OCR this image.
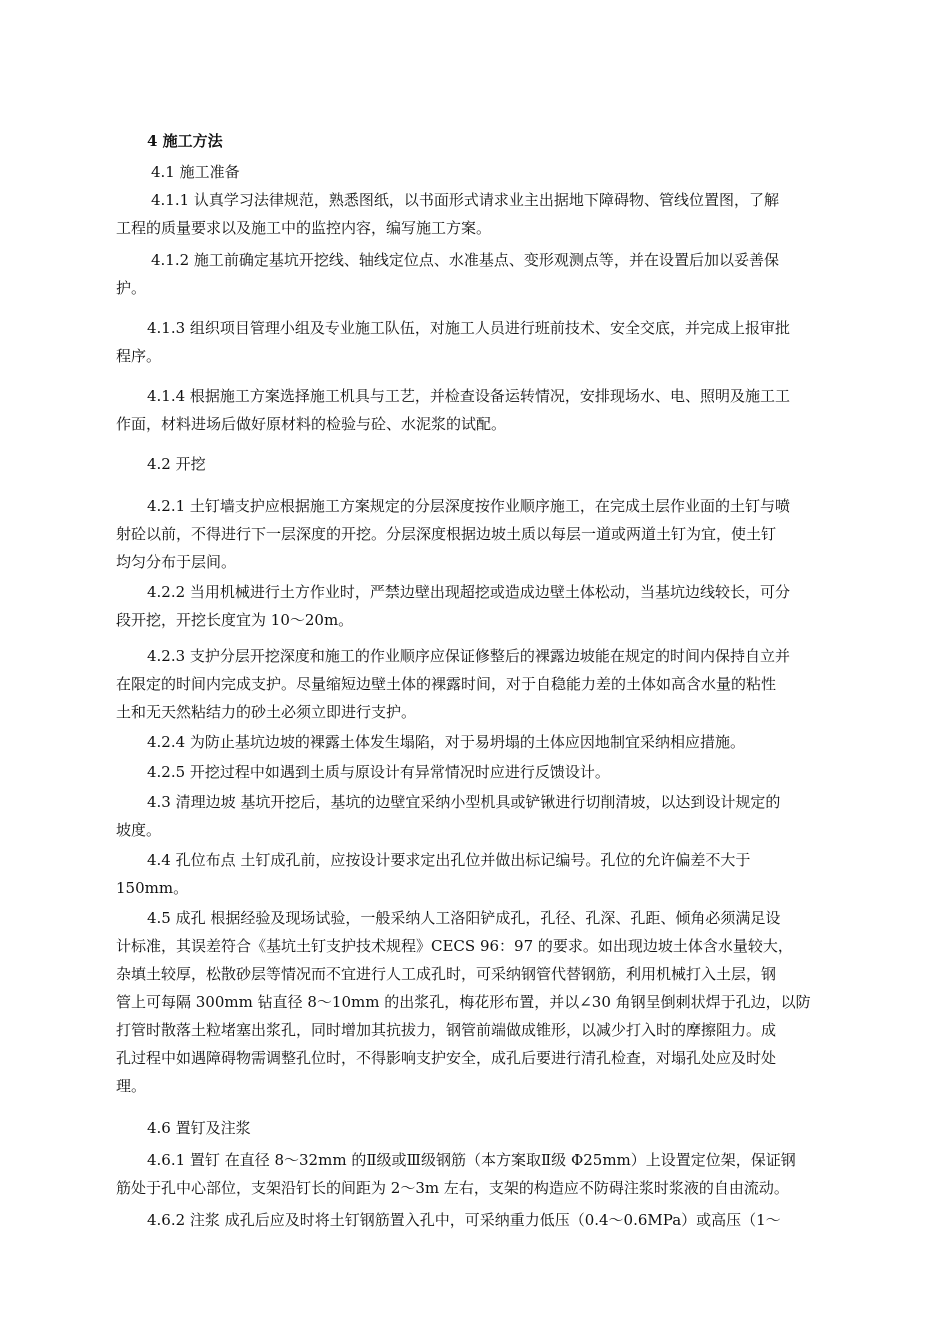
4 施工方法
4.1 施工准备
4.1.1 认真学习法律规范，熟悉图纸，以书面形式请求业主出据地下障碍物、管线位置图，了解
工程的质量要求以及施工中的监控内容，编写施工方案。
4.1.2 施工前确定基坑开挖线、轴线定位点、水准基点、变形观测点等，并在设置后加以妥善保
护。
4.1.3 组织项目管理小组及专业施工队伍，对施工人员进行班前技术、安全交底，并完成上报审批
程序。
4.1.4 根据施工方案选择施工机具与工艺，并检查设备运转情况，安排现场水、电、照明及施工工
作面，材料进场后做好原材料的检验与砼、水泥浆的试配。
4.2 开挖
4.2.1 土钉墙支护应根据施工方案规定的分层深度按作业顺序施工，在完成土层作业面的土钉与喷
射砼以前，不得进行下一层深度的开挖。分层深度根据边坡土质以每层一道或两道土钉为宜，使土钉
均匀分布于层间。
4.2.2 当用机械进行土方作业时，严禁边壁出现超挖或造成边壁土体松动，当基坑边线较长，可分
段开挖，开挖长度宜为 10～20m。
4.2.3 支护分层开挖深度和施工的作业顺序应保证修整后的裸露边坡能在规定的时间内保持自立并
在限定的时间内完成支护。尽量缩短边壁土体的裸露时间，对于自稳能力差的土体如高含水量的粘性
土和无天然粘结力的砂土必须立即进行支护。
4.2.4 为防止基坑边坡的裸露土体发生塌陷，对于易坍塌的土体应因地制宜采纳相应措施。
4.2.5 开挖过程中如遇到土质与原设计有异常情况时应进行反馈设计。
4.3 清理边坡 基坑开挖后，基坑的边壁宜采纳小型机具或铲锹进行切削清坡，以达到设计规定的
坡度。
4.4 孔位布点 土钉成孔前，应按设计要求定出孔位并做出标记编号。孔位的允许偏差不大于
150mm。
4.5 成孔 根据经验及现场试验，一般采纳人工洛阳铲成孔，孔径、孔深、孔距、倾角必须满足设
计标准，其误差符合《基坑土钉支护技术规程》CECS 96：97 的要求。如出现边坡土体含水量较大，
杂填土较厚，松散砂层等情况而不宜进行人工成孔时，可采纳钢管代替钢筋，利用机械打入土层，钢
管上可每隔 300mm 钻直径 8～10mm 的出浆孔，梅花形布置，并以∠30 角钢呈倒刺状焊于孔边，以防
打管时散落土粒堵塞出浆孔，同时增加其抗拔力，钢管前端做成锥形，以减少打入时的摩擦阻力。成
孔过程中如遇障碍物需调整孔位时，不得影响支护安全，成孔后要进行清孔检查，对塌孔处应及时处
理。
4.6 置钉及注浆
4.6.1 置钉 在直径 8～32mm 的Ⅱ级或Ⅲ级钢筋（本方案取Ⅱ级 Φ25mm）上设置定位架，保证钢
筋处于孔中心部位，支架沿钉长的间距为 2～3m 左右，支架的构造应不防碍注浆时浆液的自由流动。
4.6.2 注浆 成孔后应及时将土钉钢筋置入孔中，可采纳重力低压（0.4～0.6MPa）或高压（1～
